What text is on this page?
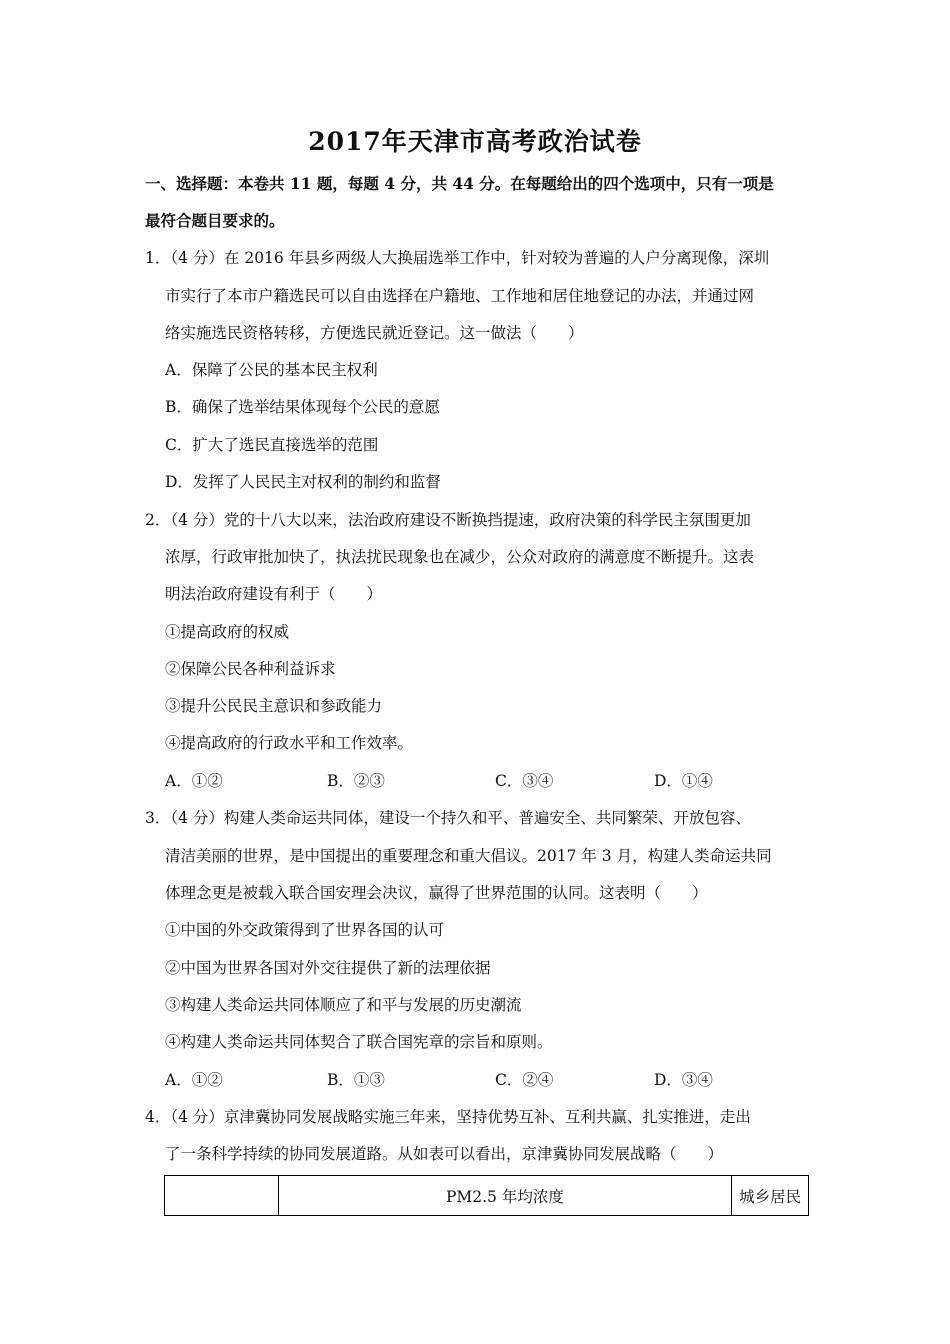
2017年天津市高考政治试卷
一、选择题：本卷共 11 题，每题 4 分，共 44 分。在每题给出的四个选项中，只有一项是
最符合题目要求的。
1．（4 分）在 2016 年县乡两级人大换届选举工作中，针对较为普遍的人户分离现像，深圳
市实行了本市户籍选民可以自由选择在户籍地、工作地和居住地登记的办法，并通过网
络实施选民资格转移，方便选民就近登记。这一做法（　　）
A．保障了公民的基本民主权利
B．确保了选举结果体现每个公民的意愿
C．扩大了选民直接选举的范围
D．发挥了人民民主对权利的制约和监督
2．（4 分）党的十八大以来，法治政府建设不断换挡提速，政府决策的科学民主氛围更加
浓厚，行政审批加快了，执法扰民现象也在减少，公众对政府的满意度不断提升。这表
明法治政府建设有利于（　　）
①提高政府的权威
②保障公民各种利益诉求
③提升公民民主意识和参政能力
④提高政府的行政水平和工作效率。
A．①②	B．②③	C．③④	D．①④
3．（4 分）构建人类命运共同体，建设一个持久和平、普遍安全、共同繁荣、开放包容、
清洁美丽的世界，是中国提出的重要理念和重大倡议。2017 年 3 月，构建人类命运共同
体理念更是被载入联合国安理会决议，赢得了世界范围的认同。这表明（　　）
①中国的外交政策得到了世界各国的认可
②中国为世界各国对外交往提供了新的法理依据
③构建人类命运共同体顺应了和平与发展的历史潮流
④构建人类命运共同体契合了联合国宪章的宗旨和原则。
A．①②	B．①③	C．②④	D．③④
4．（4 分）京津冀协同发展战略实施三年来，坚持优势互补、互利共赢、扎实推进，走出
了一条科学持续的协同发展道路。从如表可以看出，京津冀协同发展战略（　　）
	PM2.5 年均浓度	城乡居民
